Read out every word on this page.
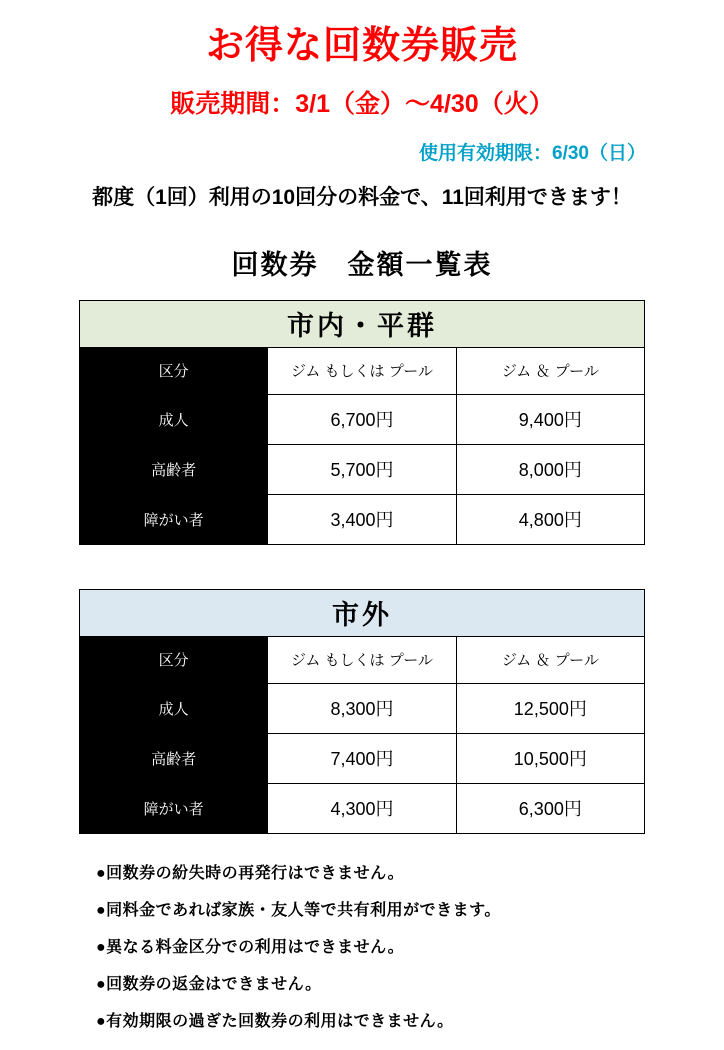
お得な回数券販売
販売期間：3/1（金）～4/30（火）
使用有効期限：6/30（日）
都度（1回）利用の10回分の料金で、11回利用できます！
回数券　金額一覧表
市内・平群		
区分	ジム もしくは プール	ジム ＆ プール
成人	6,700円	9,400円
高齢者	5,700円	8,000円
障がい者	3,400円	4,800円
市外		
区分	ジム もしくは プール	ジム ＆ プール
成人	8,300円	12,500円
高齢者	7,400円	10,500円
障がい者	4,300円	6,300円
●回数券の紛失時の再発行はできません。
●同料金であれば家族・友人等で共有利用ができます。
●異なる料金区分での利用はできません。
●回数券の返金はできません。
●有効期限の過ぎた回数券の利用はできません。
